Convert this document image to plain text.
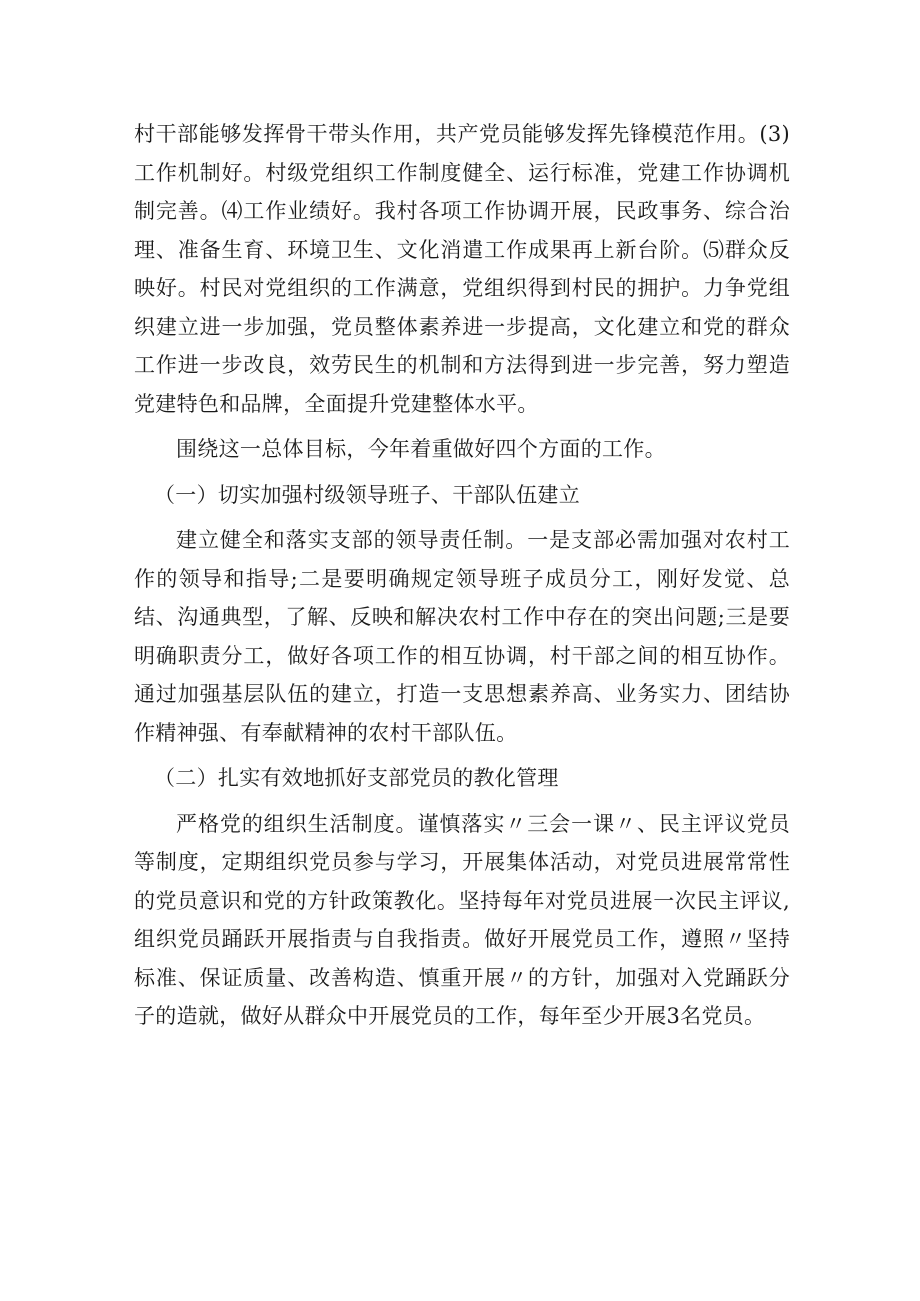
村干部能够发挥骨干带头作用，共产党员能够发挥先锋模范作用。(3)工作机制好。村级党组织工作制度健全、运行标准，党建工作协调机制完善。⑷工作业绩好。我村各项工作协调开展，民政事务、综合治理、准备生育、环境卫生、文化消遣工作成果再上新台阶。⑸群众反映好。村民对党组织的工作满意，党组织得到村民的拥护。力争党组织建立进一步加强，党员整体素养进一步提高，文化建立和党的群众工作进一步改良，效劳民生的机制和方法得到进一步完善，努力塑造党建特色和品牌，全面提升党建整体水平。

围绕这一总体目标，今年着重做好四个方面的工作。

（一）切实加强村级领导班子、干部队伍建立

建立健全和落实支部的领导责任制。一是支部必需加强对农村工作的领导和指导;二是要明确规定领导班子成员分工，刚好发觉、总结、沟通典型，了解、反映和解决农村工作中存在的突出问题;三是要明确职责分工，做好各项工作的相互协调，村干部之间的相互协作。通过加强基层队伍的建立，打造一支思想素养高、业务实力、团结协作精神强、有奉献精神的农村干部队伍。

（二）扎实有效地抓好支部党员的教化管理

严格党的组织生活制度。谨慎落实〃三会一课〃、民主评议党员等制度，定期组织党员参与学习，开展集体活动，对党员进展常常性的党员意识和党的方针政策教化。坚持每年对党员进展一次民主评议,组织党员踊跃开展指责与自我指责。做好开展党员工作，遵照〃坚持标准、保证质量、改善构造、慎重开展〃的方针，加强对入党踊跃分子的造就，做好从群众中开展党员的工作，每年至少开展3名党员。
